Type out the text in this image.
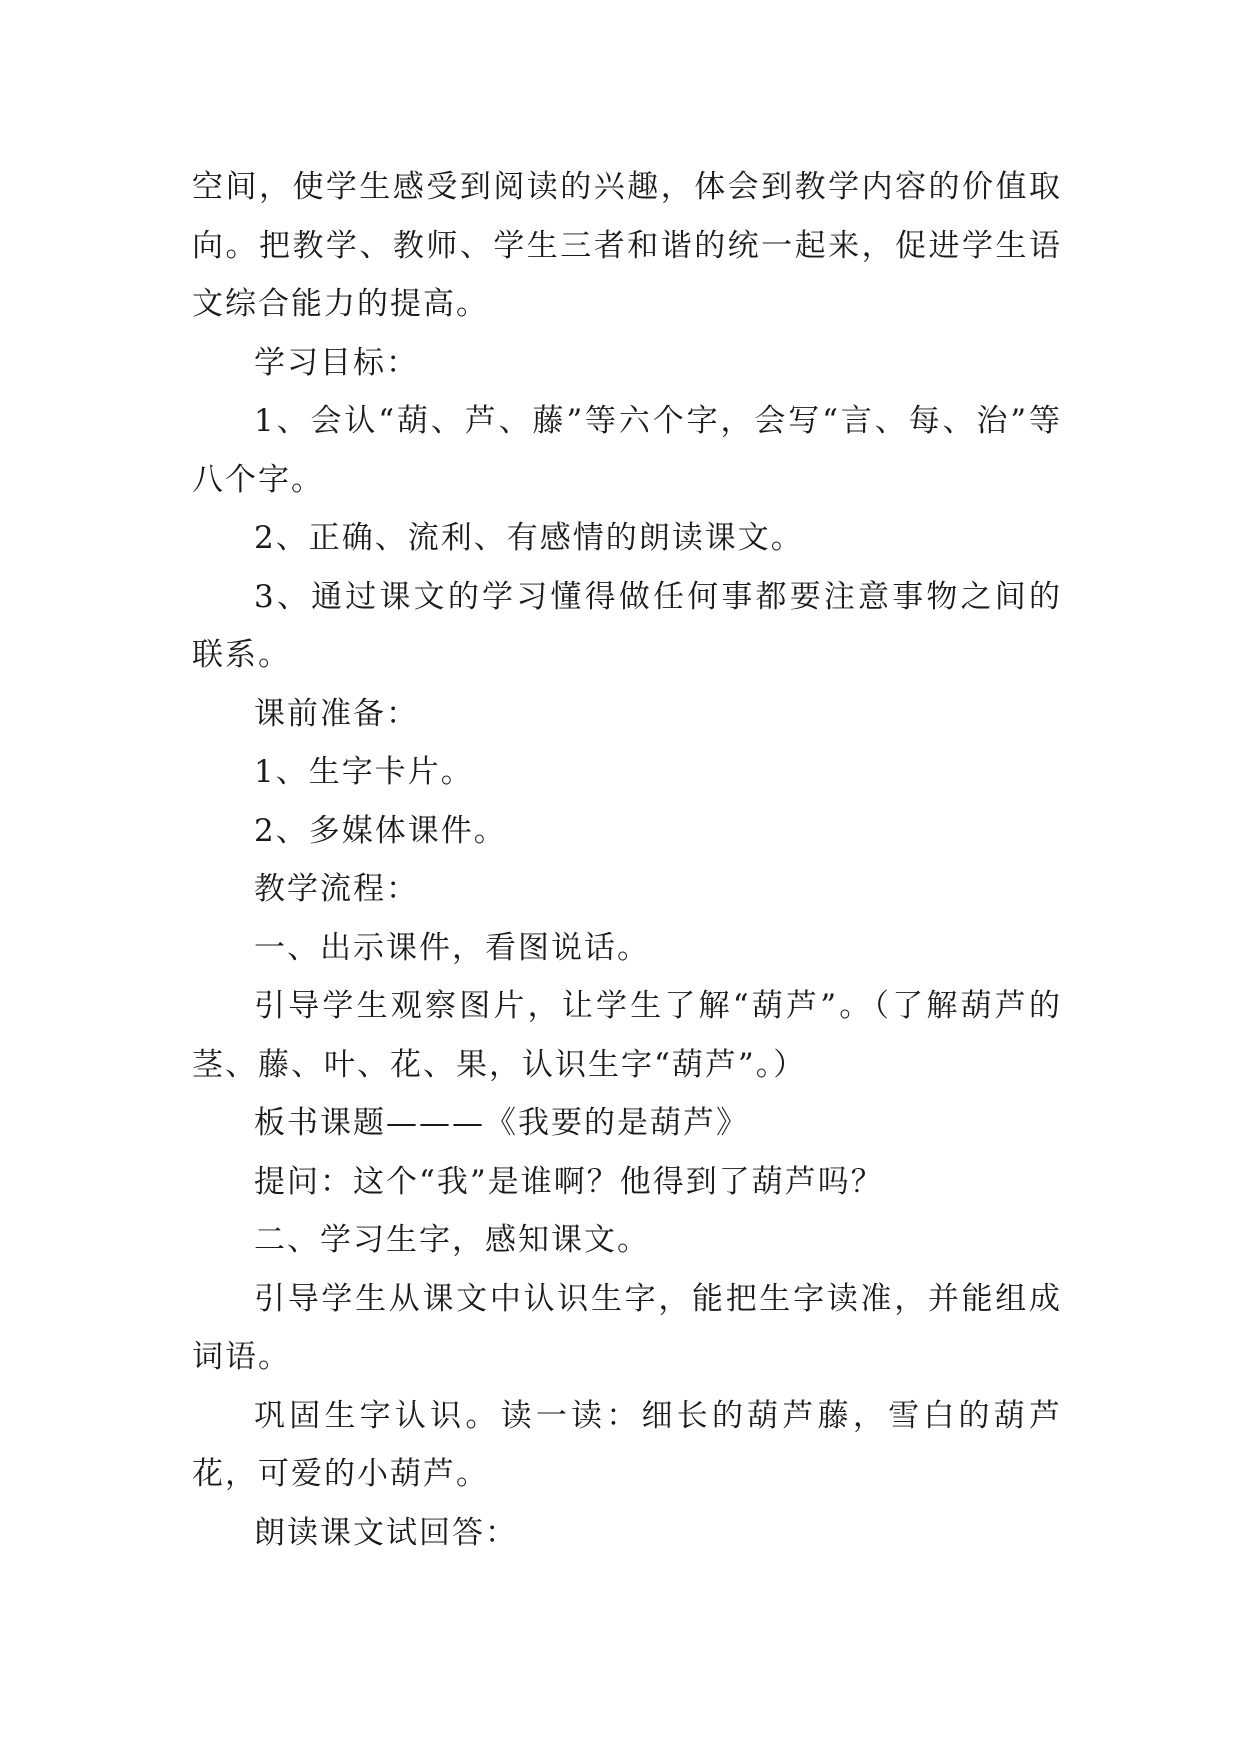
空间，使学生感受到阅读的兴趣，体会到教学内容的价值取向。把教学、教师、学生三者和谐的统一起来，促进学生语文综合能力的提高。

学习目标：

1、会认“葫、芦、藤”等六个字，会写“言、每、治”等八个字。

2、正确、流利、有感情的朗读课文。

3、通过课文的学习懂得做任何事都要注意事物之间的联系。

课前准备：

1、生字卡片。

2、多媒体课件。

教学流程：

一、出示课件，看图说话。

引导学生观察图片，让学生了解“葫芦”。（了解葫芦的茎、藤、叶、花、果，认识生字“葫芦”。）

板书课题———《我要的是葫芦》

提问：这个“我”是谁啊？他得到了葫芦吗？

二、学习生字，感知课文。

引导学生从课文中认识生字，能把生字读准，并能组成词语。

巩固生字认识。读一读：细长的葫芦藤，雪白的葫芦花，可爱的小葫芦。

朗读课文试回答：
